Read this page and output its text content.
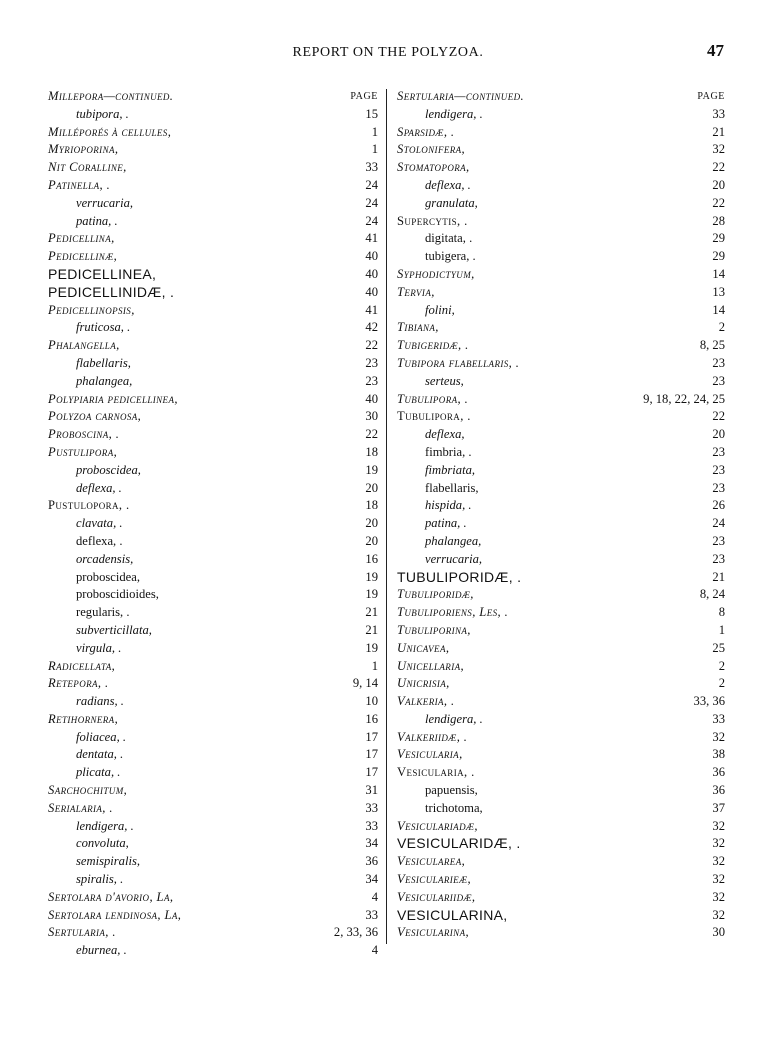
REPORT ON THE POLYZOA.	47
Millepora—continued.	PAGE
tubipora, .	15
Milléporés à cellules,	1
Myrioporina,	1
Nit Coralline,	33
Patinella, .	24
verrucaria,	24
patina, .	24
Pedicellina,	41
Pedicellinæ,	40
PEDICELLINEA,	40
PEDICELLINIDÆ, .	40
Pedicellinopsis,	41
fruticosa, .	42
Phalangella,	22
flabellaris,	23
phalangea,	23
Polypiaria pedicellinea,	40
Polyzoa carnosa,	30
Proboscina, .	22
Pustulipora,	18
proboscidea,	19
deflexa, .	20
Pustulopora, .	18
clavata, .	20
deflexa, .	20
orcadensis,	16
proboscidea,	19
proboscidioides,	19
regularis, .	21
subverticillata,	21
virgula, .	19
Radicellata,	1
Retepora, .	9, 14
radians, .	10
Retihornera,	16
foliacea, .	17
dentata, .	17
plicata, .	17
Sarchochitum,	31
Serialaria, .	33
lendigera, .	33
convoluta,	34
semispiralis,	36
spiralis, .	34
Sertolara d'avorio, La,	4
Sertolara lendinosa, La,	33
Sertularia, .	2, 33, 36
eburnea, .	4
Sertularia—continued.	PAGE
lendigera, .	33
Sparsidæ, .	21
Stolonifera,	32
Stomatopora,	22
deflexa, .	20
granulata,	22
Supercytis, .	28
digitata, .	29
tubigera, .	29
Syphodictyum,	14
Tervia,	13
folini,	14
Tibiana,	2
Tubigeridæ, .	8, 25
Tubipora flabellaris, .	23
serteus,	23
Tubulipora, .	9, 18, 22, 24, 25
Tubulipora, .	22
deflexa,	20
fimbria, .	23
fimbriata,	23
flabellaris,	23
hispida, .	26
patina, .	24
phalangea,	23
verrucaria,	23
TUBULIPORIDÆ, .	21
Tubuliporidæ,	8, 24
Tubuliporiens, Les, .	8
Tubuliporina,	1
Unicavea,	25
Unicellaria,	2
Unicrisia,	2
Valkeria, .	33, 36
lendigera, .	33
Valkeriidæ, .	32
Vesicularia,	38
Vesicularia, .	36
papuensis,	36
trichotoma,	37
Vesiculariadæ,	32
VESICULARIDÆ, .	32
Vesicularea,	32
Vesicularieæ,	32
Vesiculariidæ,	32
VESICULARINA,	32
Vesicularina,	30
